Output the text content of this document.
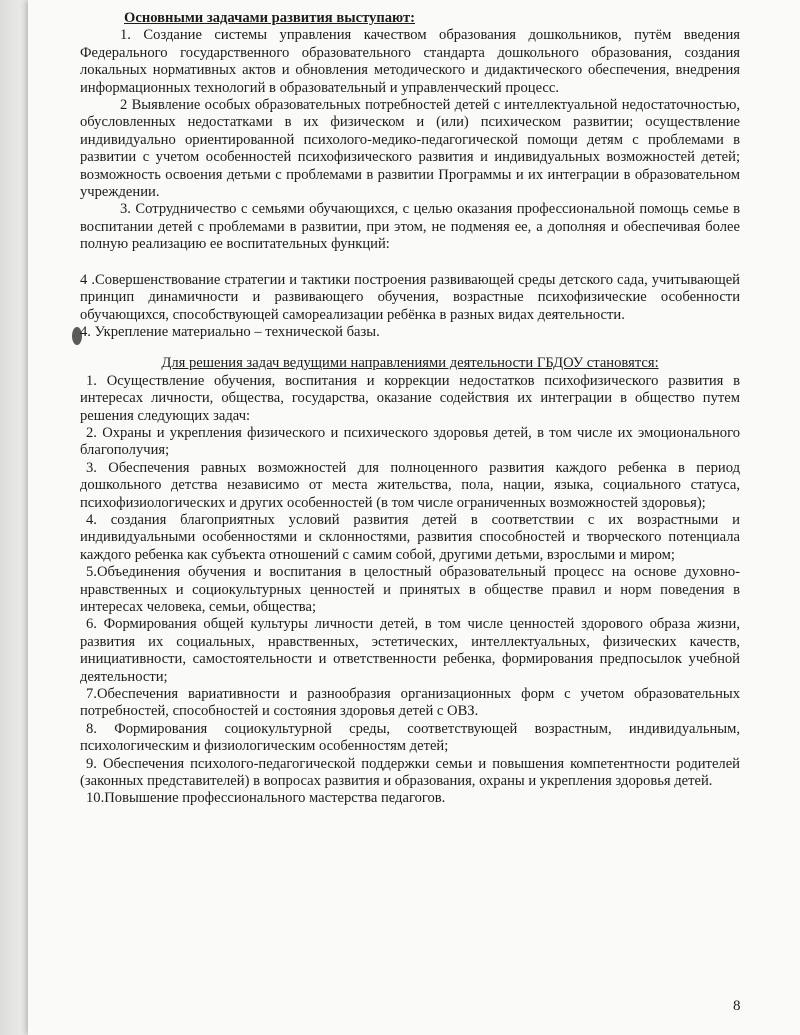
Основными задачами развития выступают:

1. Создание системы управления качеством образования дошкольников, путём введения Федерального государственного образовательного стандарта дошкольного образования, создания локальных нормативных актов и обновления методического и дидактического обеспечения, внедрения информационных технологий в образовательный и управленческий процесс.

2 Выявление особых образовательных потребностей детей с интеллектуальной недостаточностью, обусловленных недостатками в их физическом и (или) психическом развитии; осуществление индивидуально ориентированной психолого-медико-педагогической помощи детям с проблемами в развитии с учетом особенностей психофизического развития и индивидуальных возможностей детей; возможность освоения детьми с проблемами в развитии Программы и их интеграции в образовательном учреждении.

3. Сотрудничество с семьями обучающихся, с целью оказания профессиональной помощь семье в воспитании детей с проблемами в развитии, при этом, не подменяя ее, а дополняя и обеспечивая более полную реализацию ее воспитательных функций:

4 .Совершенствование стратегии и тактики построения развивающей среды детского сада, учитывающей принцип динамичности и развивающего обучения, возрастные психофизические особенности обучающихся, способствующей самореализации ребёнка в разных видах деятельности.

4. Укрепление материально – технической базы.

Для решения задач ведущими направлениями деятельности ГБДОУ становятся:

1. Осуществление обучения, воспитания и коррекции недостатков психофизического развития в интересах личности, общества, государства, оказание содействия их интеграции в общество путем решения следующих задач:

2. Охраны и укрепления физического и психического здоровья детей, в том числе их эмоционального благополучия;

3. Обеспечения равных возможностей для полноценного развития каждого ребенка в период дошкольного детства независимо от места жительства, пола, нации, языка, социального статуса, психофизиологических и других особенностей (в том числе ограниченных возможностей здоровья);

4. создания благоприятных условий развития детей в соответствии с их возрастными и индивидуальными особенностями и склонностями, развития способностей и творческого потенциала каждого ребенка как субъекта отношений с самим собой, другими детьми, взрослыми и миром;

5.Объединения обучения и воспитания в целостный образовательный процесс на основе духовно-нравственных и социокультурных ценностей и принятых в обществе правил и норм поведения в интересах человека, семьи, общества;

6. Формирования общей культуры личности детей, в том числе ценностей здорового образа жизни, развития их социальных, нравственных, эстетических, интеллектуальных, физических качеств, инициативности, самостоятельности и ответственности ребенка, формирования предпосылок учебной деятельности;

7.Обеспечения вариативности и разнообразия организационных форм с учетом образовательных потребностей, способностей и состояния здоровья детей с ОВЗ.

8. Формирования социокультурной среды, соответствующей возрастным, индивидуальным, психологическим и физиологическим особенностям детей;

9. Обеспечения психолого-педагогической поддержки семьи и повышения компетентности родителей (законных представителей) в вопросах развития и образования, охраны и укрепления здоровья детей.

10.Повышение профессионального мастерства педагогов.

8
